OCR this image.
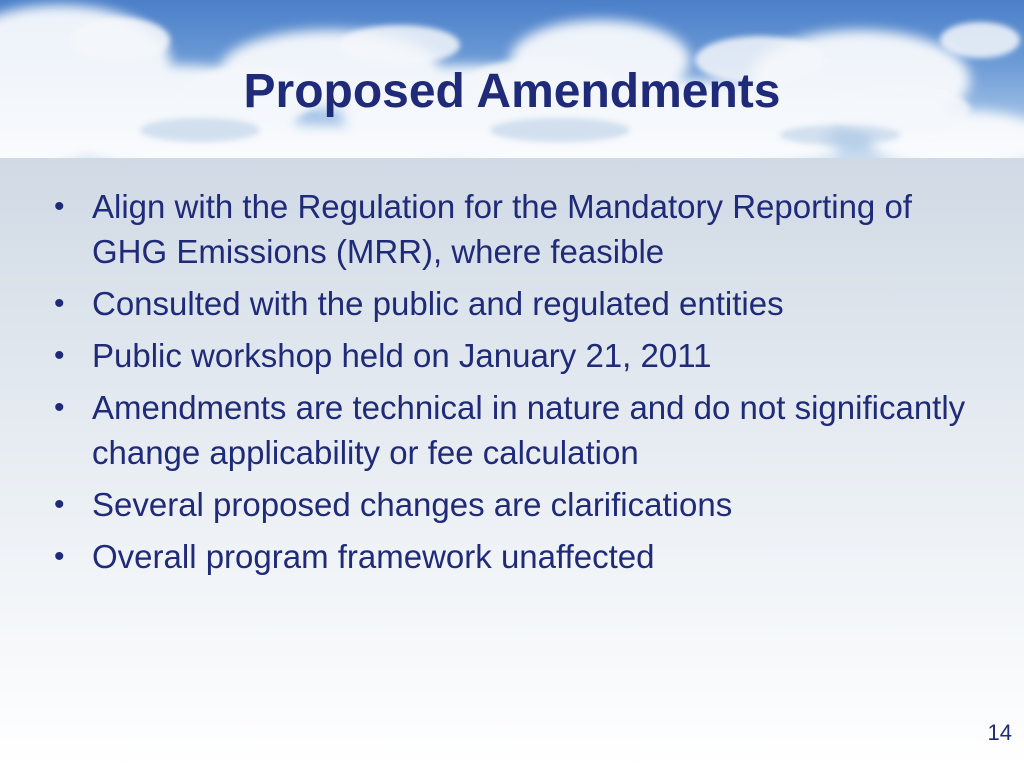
Proposed Amendments
• Align with the Regulation for the Mandatory Reporting of GHG Emissions (MRR), where feasible
• Consulted with the public and regulated entities
• Public workshop held on January 21, 2011
• Amendments are technical in nature and do not significantly change applicability or fee calculation
• Several proposed changes are clarifications
• Overall program framework unaffected
14
